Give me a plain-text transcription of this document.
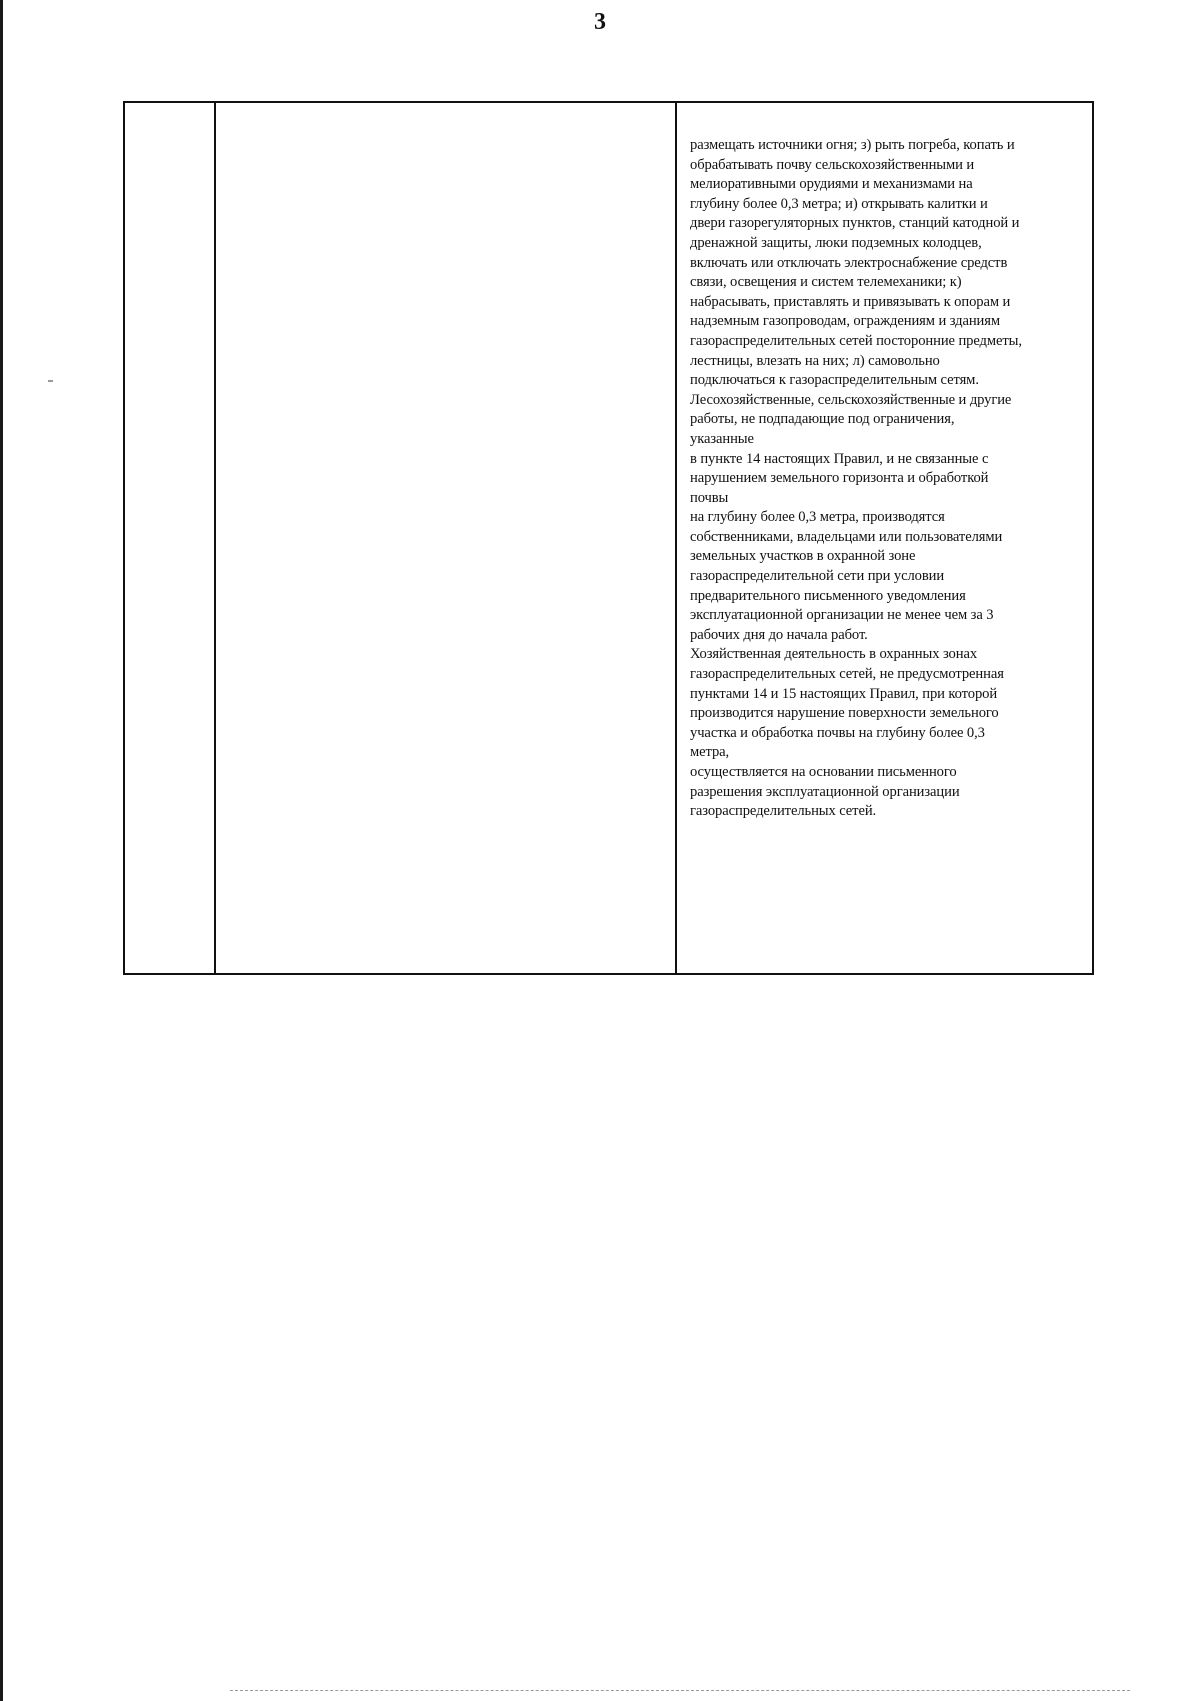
3
размещать источники огня; з) рыть погреба, копать и
обрабатывать почву сельскохозяйственными и
мелиоративными орудиями и механизмами на
глубину более 0,3 метра; и) открывать калитки и
двери газорегуляторных пунктов, станций катодной и
дренажной защиты, люки подземных колодцев,
включать или отключать электроснабжение средств
связи, освещения и систем телемеханики; к)
набрасывать, приставлять и привязывать к опорам и
надземным газопроводам, ограждениям и зданиям
газораспределительных сетей посторонние предметы,
лестницы, влезать на них; л) самовольно
подключаться к газораспределительным сетям.
Лесохозяйственные, сельскохозяйственные и другие
работы, не подпадающие под ограничения,
указанные
в пункте 14 настоящих Правил, и не связанные с
нарушением земельного горизонта и обработкой
почвы
на глубину более 0,3 метра, производятся
собственниками, владельцами или пользователями
земельных участков в охранной зоне
газораспределительной сети при условии
предварительного письменного уведомления
эксплуатационной организации не менее чем за 3
рабочих дня до начала работ.
Хозяйственная деятельность в охранных зонах
газораспределительных сетей, не предусмотренная
пунктами 14 и 15 настоящих Правил, при которой
производится нарушение поверхности земельного
участка и обработка почвы на глубину более 0,3
метра,
осуществляется на основании письменного
разрешения эксплуатационной организации
газораспределительных сетей.
